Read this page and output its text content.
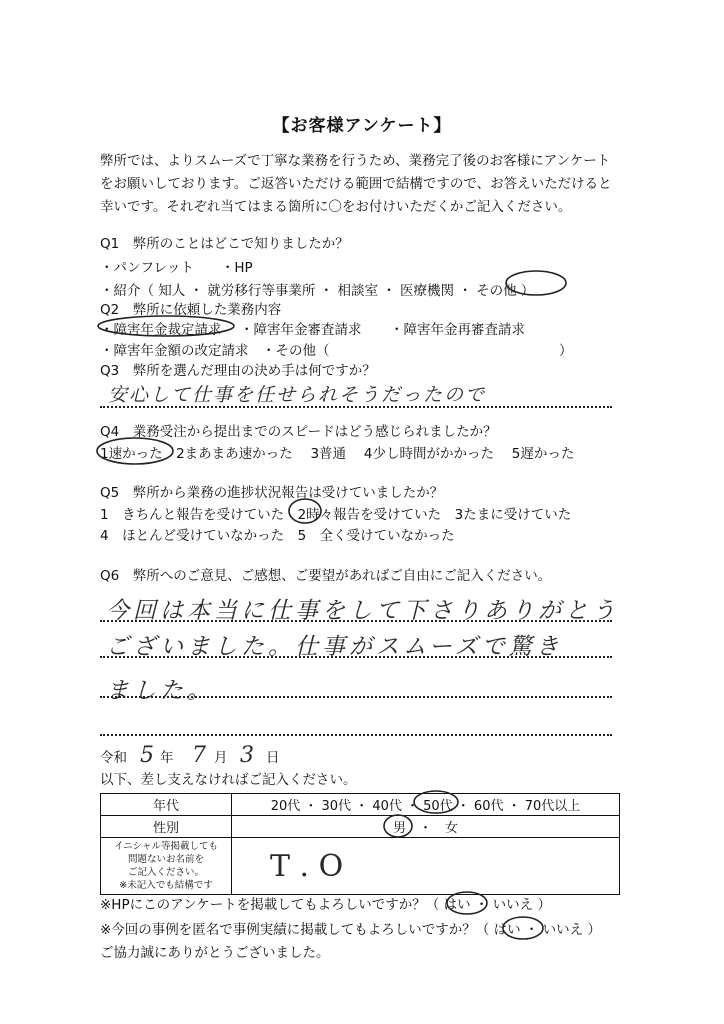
【お客様アンケート】
弊所では、よりスムーズで丁寧な業務を行うため、業務完了後のお客様にアンケート
をお願いしております。ご返答いただける範囲で結構ですので、お答えいただけると
幸いです。それぞれ当てはまる箇所に〇をお付けいただくかご記入ください。
Q1　弊所のことはどこで知りましたか？
・パンフレット　　・HP
・紹介（ 知人 ・ 就労移行等事業所 ・ 相談室 ・ 医療機関 ・ その他 ）
Q2　弊所に依頼した業務内容
・障害年金裁定請求 ・障害年金審査請求 ・障害年金再審査請求
・障害年金額の改定請求　・その他（　　　　　　　　　　　　　　　　　）
Q3　弊所を選んだ理由の決め手は何ですか？
安心して仕事を任せられそうだったので
Q4　業務受注から提出までのスピードはどう感じられましたか？
1速かった　2まあまあ速かった　 3普通　 4少し時間がかかった　 5遅かった
Q5　弊所から業務の進捗状況報告は受けていましたか？
1　きちんと報告を受けていた　2時々報告を受けていた　3たまに受けていた
4　ほとんど受けていなかった　5　全く受けていなかった
Q6　弊所へのご意見、ご感想、ご要望があればご自由にご記入ください。
今回は本当に仕事をして下さりありがとう
ございました。仕事がスムーズで驚き
ました。
令和 5 年 7 月 3 日
以下、差し支えなければご記入ください。
年代	20代 ・ 30代 ・ 40代 ・ 50代 ・ 60代 ・ 70代以上
性別	男　・　女

イニシャル等掲載しても
問題ないお名前を
ご記入ください。
※未記入でも結構です	T . O
※HPにこのアンケートを掲載してもよろしいですか？（ はい ・ いいえ ）
※今回の事例を匿名で事例実績に掲載してもよろしいですか？（ はい ・ いいえ ）
ご協力誠にありがとうございました。
